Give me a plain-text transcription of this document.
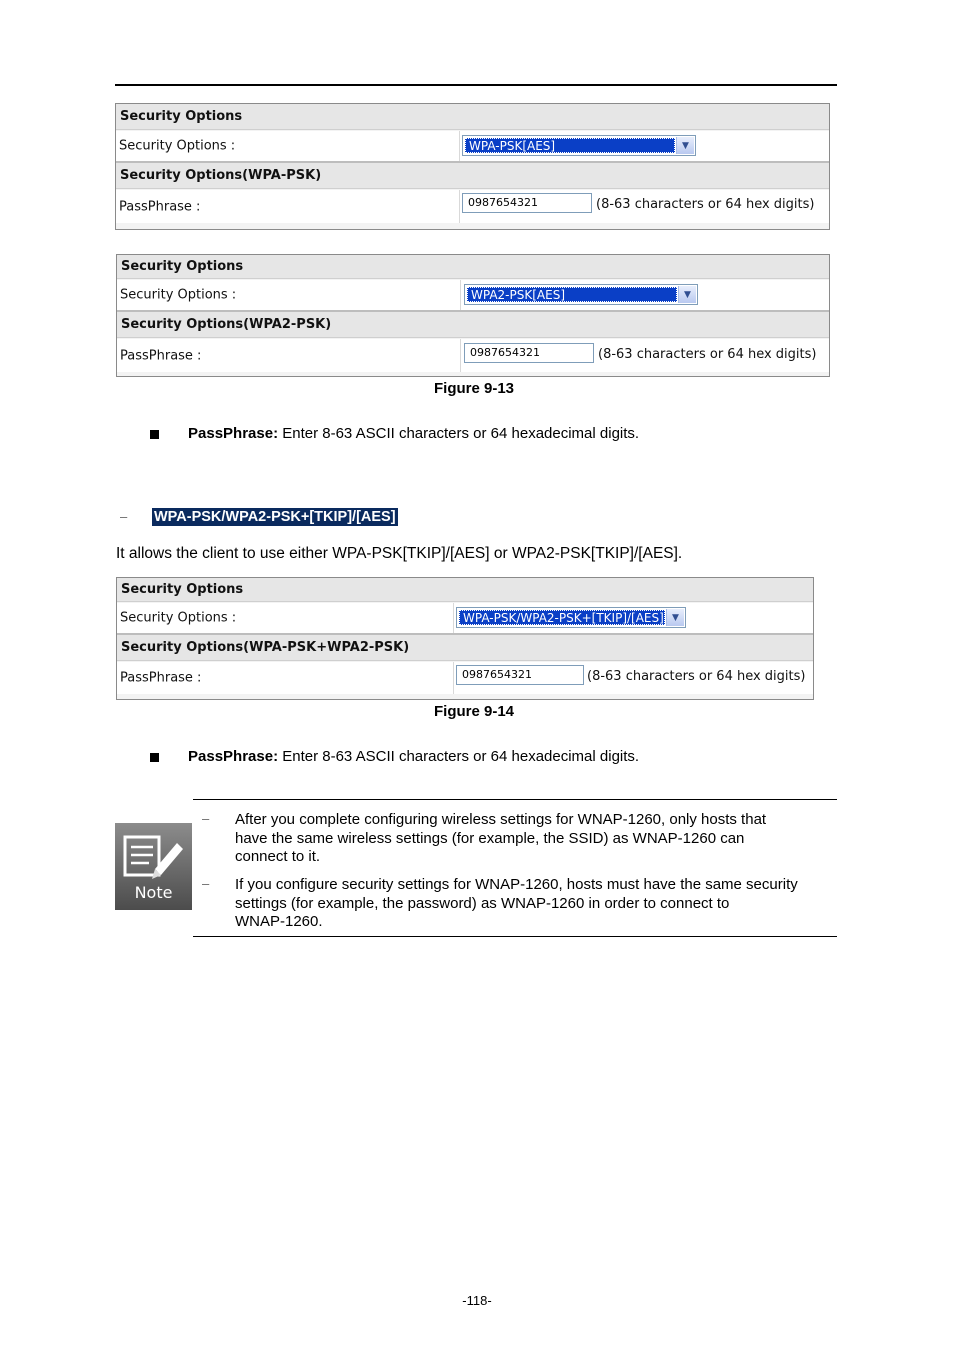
Security Options
Security Options :	WPA-PSK[AES]	▼
Security Options(WPA-PSK)
PassPhrase :	0987654321	(8-63 characters or 64 hex digits)
Security Options
Security Options :	WPA2-PSK[AES]	▼
Security Options(WPA2-PSK)
PassPhrase :	0987654321	(8-63 characters or 64 hex digits)
Figure 9-13
PassPhrase: Enter 8-63 ASCII characters or 64 hexadecimal digits.
– WPA-PSK/WPA2-PSK+[TKIP]/[AES]
It allows the client to use either WPA-PSK[TKIP]/[AES] or WPA2-PSK[TKIP]/[AES].
Security Options
Security Options :	WPA-PSK/WPA2-PSK+[TKIP]/[AES] ▼
Security Options(WPA-PSK+WPA2-PSK)
PassPhrase :	0987654321	(8-63 characters or 64 hex digits)
Figure 9-14
PassPhrase: Enter 8-63 ASCII characters or 64 hexadecimal digits.
Note
– After you complete configuring wireless settings for WNAP-1260, only hosts that
have the same wireless settings (for example, the SSID) as WNAP-1260 can
connect to it.
– If you configure security settings for WNAP-1260, hosts must have the same security
settings (for example, the password) as WNAP-1260 in order to connect to
WNAP-1260.
-118-
